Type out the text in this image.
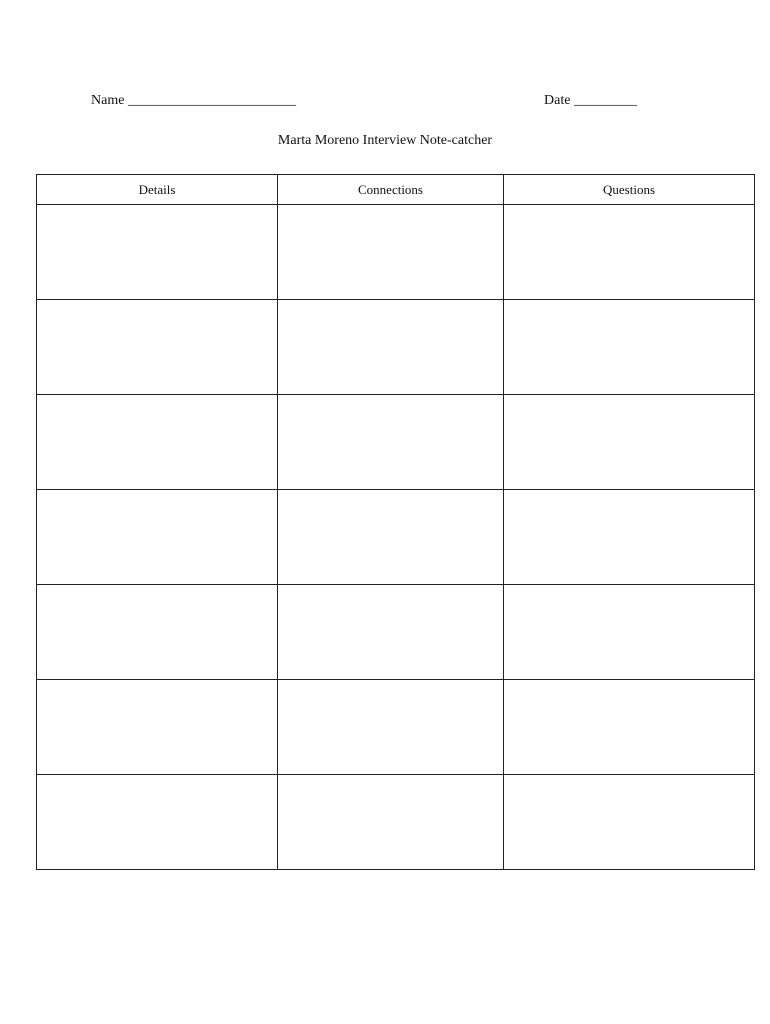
Name ________________________	Date _________
Marta Moreno Interview Note-catcher
Details	Connections	Questions
